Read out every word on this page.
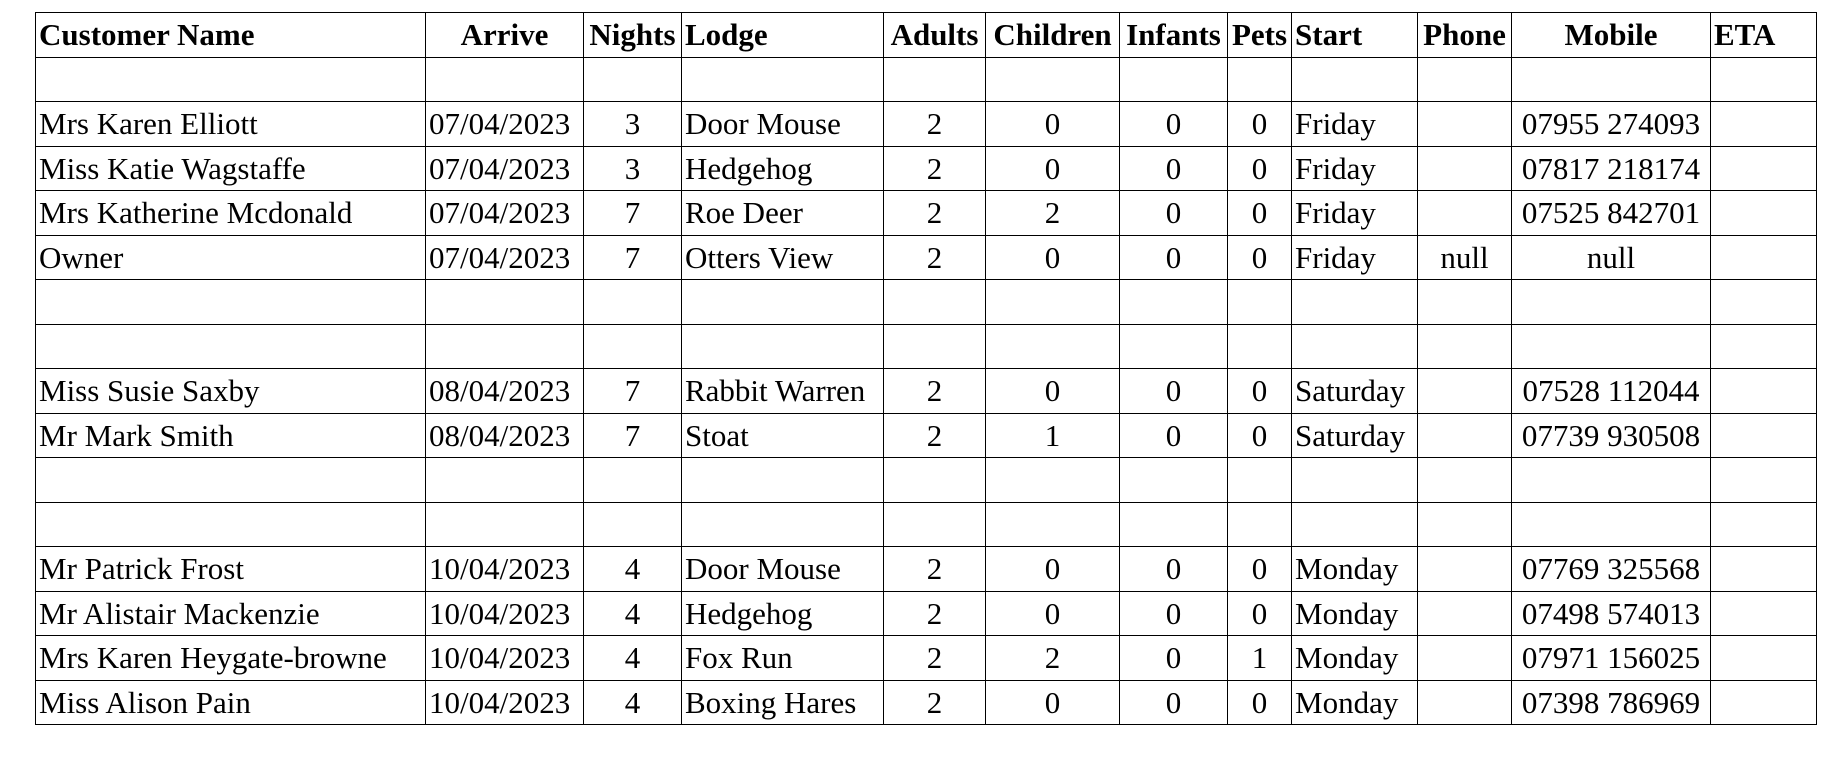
Customer Name	Arrive	Nights	Lodge	Adults	Children	Infants	Pets	Start	Phone	Mobile	ETA

Mrs Karen Elliott	07/04/2023	3	Door Mouse	2	0	0	0	Friday		07955 274093	
Miss Katie Wagstaffe	07/04/2023	3	Hedgehog	2	0	0	0	Friday		07817 218174	
Mrs Katherine Mcdonald	07/04/2023	7	Roe Deer	2	2	0	0	Friday		07525 842701	
Owner	07/04/2023	7	Otters View	2	0	0	0	Friday	null	null	

Miss Susie Saxby	08/04/2023	7	Rabbit Warren	2	0	0	0	Saturday		07528 112044	
Mr Mark Smith	08/04/2023	7	Stoat	2	1	0	0	Saturday		07739 930508	

Mr Patrick Frost	10/04/2023	4	Door Mouse	2	0	0	0	Monday		07769 325568	
Mr Alistair Mackenzie	10/04/2023	4	Hedgehog	2	0	0	0	Monday		07498 574013	
Mrs Karen Heygate-browne	10/04/2023	4	Fox Run	2	2	0	1	Monday		07971 156025	
Miss Alison Pain	10/04/2023	4	Boxing Hares	2	0	0	0	Monday		07398 786969	
